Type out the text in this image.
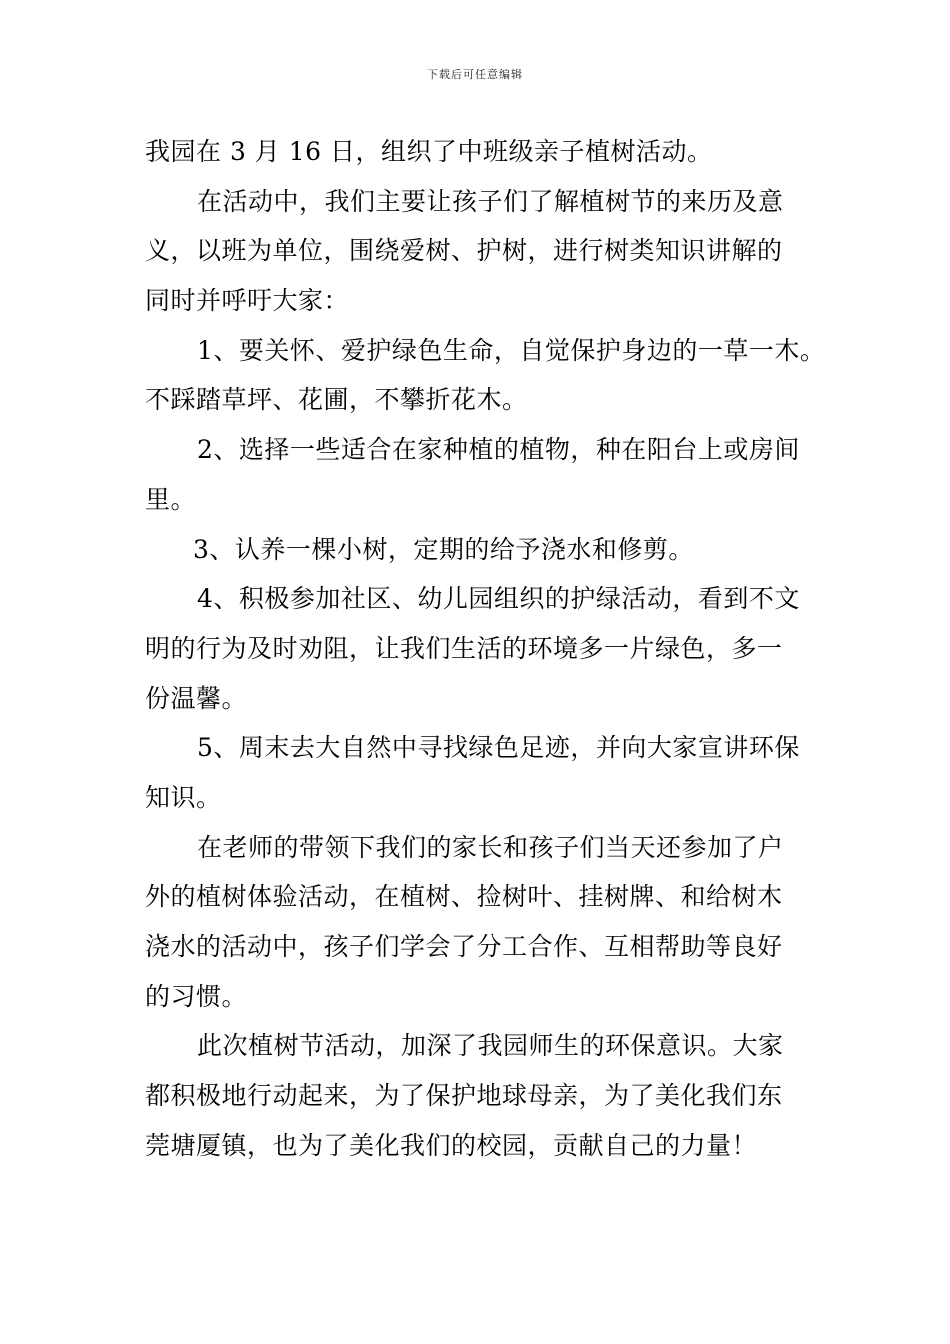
下载后可任意编辑
我园在 3 月 16 日，组织了中班级亲子植树活动。
在活动中，我们主要让孩子们了解植树节的来历及意
义，以班为单位，围绕爱树、护树，进行树类知识讲解的
同时并呼吁大家：
1、要关怀、爱护绿色生命，自觉保护身边的一草一木。
不踩踏草坪、花圃，不攀折花木。
2、选择一些适合在家种植的植物，种在阳台上或房间
里。
3、认养一棵小树，定期的给予浇水和修剪。
4、积极参加社区、幼儿园组织的护绿活动，看到不文
明的行为及时劝阻，让我们生活的环境多一片绿色，多一
份温馨。
5、周末去大自然中寻找绿色足迹，并向大家宣讲环保
知识。
在老师的带领下我们的家长和孩子们当天还参加了户
外的植树体验活动，在植树、捡树叶、挂树牌、和给树木
浇水的活动中，孩子们学会了分工合作、互相帮助等良好
的习惯。
此次植树节活动，加深了我园师生的环保意识。大家
都积极地行动起来，为了保护地球母亲，为了美化我们东
莞塘厦镇，也为了美化我们的校园，贡献自己的力量！
